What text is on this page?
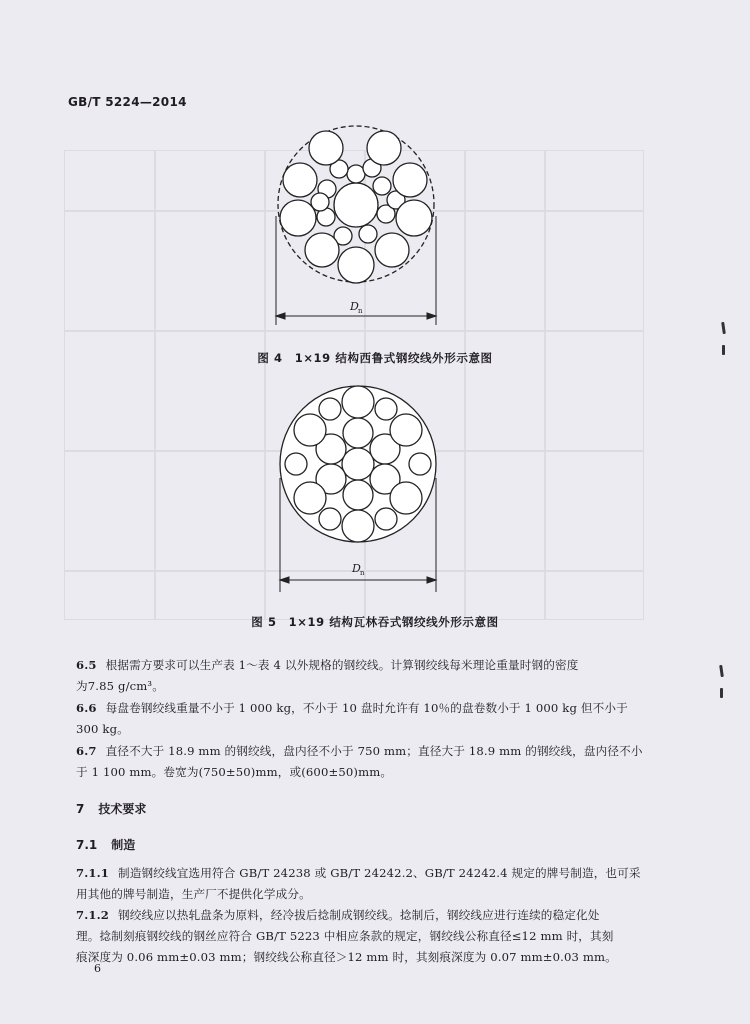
GB/T 5224—2014
D n
图 4　1×19 结构西鲁式钢绞线外形示意图
D n
图 5　1×19 结构瓦林吞式钢绞线外形示意图
6.5 根据需方要求可以生产表 1～表 4 以外规格的钢绞线。计算钢绞线每米理论重量时钢的密度
为7.85 g/cm³。
6.6 每盘卷钢绞线重量不小于 1 000 kg，不小于 10 盘时允许有 10％的盘卷数小于 1 000 kg 但不小于
300 kg。
6.7 直径不大于 18.9 mm 的钢绞线，盘内径不小于 750 mm；直径大于 18.9 mm 的钢绞线，盘内径不小
于 1 100 mm。卷宽为(750±50)mm，或(600±50)mm。
7 技术要求
7.1 制造
7.1.1 制造钢绞线宜选用符合 GB/T 24238 或 GB/T 24242.2、GB/T 24242.4 规定的牌号制造，也可采
用其他的牌号制造，生产厂不提供化学成分。
7.1.2 钢绞线应以热轧盘条为原料，经冷拔后捻制成钢绞线。捻制后，钢绞线应进行连续的稳定化处
理。捻制刻痕钢绞线的钢丝应符合 GB/T 5223 中相应条款的规定，钢绞线公称直径≤12 mm 时，其刻
痕深度为 0.06 mm±0.03 mm；钢绞线公称直径＞12 mm 时，其刻痕深度为 0.07 mm±0.03 mm。
6
